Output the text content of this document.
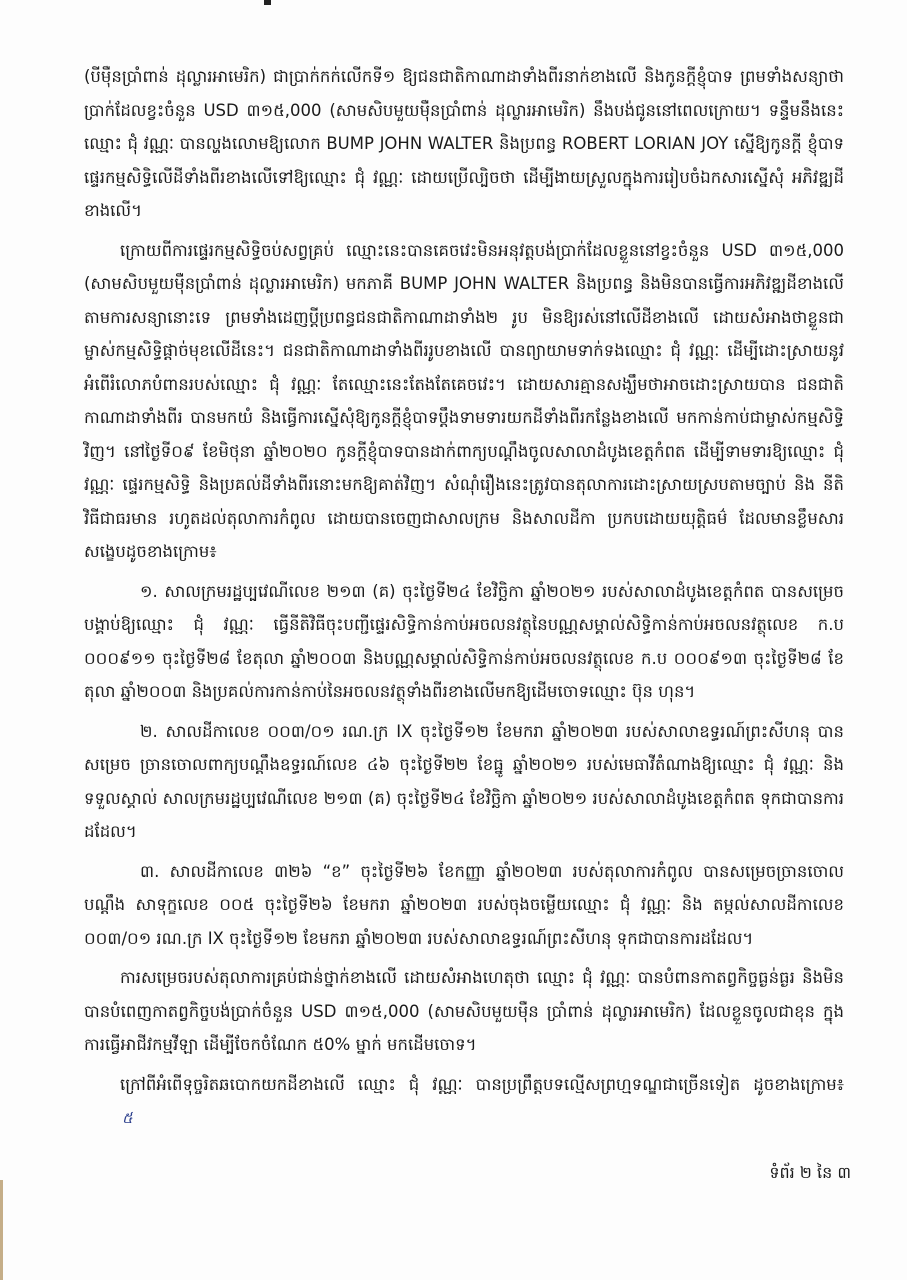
(បីម៉ឺនប្រាំពាន់ ដុល្លារអាមេរិក) ជាប្រាក់កក់លើកទី១ ឱ្យជនជាតិកាណាដាទាំងពីរនាក់ខាងលើ និងកូនក្ដីខ្ញុំបាទ ព្រមទាំងសន្យាថា ប្រាក់ដែលខ្វះចំនួន USD ៣១៥,000 (សាមសិបមួយម៉ឺនប្រាំពាន់ ដុល្លារអាមេរិក) នឹងបង់ជូននៅពេលក្រោយ។ ទន្ទឹមនឹងនេះ ឈ្មោះ ជុំ វណ្ណៈ បានល្ហងលោមឱ្យលោក BUMP JOHN WALTER និងប្រពន្ធ ROBERT LORIAN JOY ស្នើឱ្យកូនក្ដី ខ្ញុំបាទ ផ្ទេរកម្មសិទ្ធិលើដីទាំងពីរខាងលើទៅឱ្យឈ្មោះ ជុំ វណ្ណៈ ដោយប្រើល្បិចថា ដើម្បីងាយស្រួលក្នុងការរៀបចំឯកសារស្នើសុំ អភិវឌ្ឍដីខាងលើ។

ក្រោយពីការផ្ទេរកម្មសិទ្ធិចប់សព្វគ្រប់ ឈ្មោះនេះបានគេចវេះមិនអនុវត្តបង់ប្រាក់ដែលខ្លួននៅខ្វះចំនួន USD ៣១៥,000 (សាមសិបមួយម៉ឺនប្រាំពាន់ ដុល្លារអាមេរិក) មកភាគី BUMP JOHN WALTER និងប្រពន្ធ និងមិនបានធ្វើការអភិវឌ្ឍដីខាងលើ តាមការសន្យានោះទេ ព្រមទាំងដេញប្ដីប្រពន្ធជនជាតិកាណាដាទាំង២ រូប មិនឱ្យរស់នៅលើដីខាងលើ ដោយសំអាងថាខ្លួនជា ម្ចាស់កម្មសិទ្ធិផ្ដាច់មុខលើដីនេះ។ ជនជាតិកាណាដាទាំងពីររូបខាងលើ បានព្យាយាមទាក់ទងឈ្មោះ ជុំ វណ្ណៈ ដើម្បីដោះស្រាយនូវ អំពើរំលោភបំពានរបស់ឈ្មោះ ជុំ វណ្ណៈ តែឈ្មោះនេះតែងតែគេចវេះ។ ដោយសារគ្មានសង្ឃឹមថាអាចដោះស្រាយបាន ជនជាតិ កាណាដាទាំងពីរ បានមកយំ និងធ្វើការស្នើសុំឱ្យកូនក្ដីខ្ញុំបាទប្ដឹងទាមទារយកដីទាំងពីរកន្លែងខាងលើ មកកាន់កាប់ជាម្ចាស់កម្មសិទ្ធិ វិញ។ នៅថ្ងៃទី០៩ ខែមិថុនា ឆ្នាំ២០២០ កូនក្ដីខ្ញុំបាទបានដាក់ពាក្យបណ្ដឹងចូលសាលាដំបូងខេត្តកំពត ដើម្បីទាមទារឱ្យឈ្មោះ ជុំ វណ្ណៈ ផ្ទេរកម្មសិទ្ធិ និងប្រគល់ដីទាំងពីរនោះមកឱ្យគាត់វិញ។ សំណុំរឿងនេះត្រូវបានតុលាការដោះស្រាយស្របតាមច្បាប់ និង នីតិវិធីជាធរមាន រហូតដល់តុលាការកំពូល ដោយបានចេញជាសាលក្រម និងសាលដីកា ប្រកបដោយយុត្តិធម៌ ដែលមានខ្លឹមសារ សង្ខេបដូចខាងក្រោម៖

១. សាលក្រមរដ្ឋប្បវេណីលេខ ២១៣ (គ) ចុះថ្ងៃទី២៤ ខែវិច្ឆិកា ឆ្នាំ២០២១ របស់សាលាដំបូងខេត្តកំពត បានសម្រេច បង្គាប់ឱ្យឈ្មោះ ជុំ វណ្ណៈ ធ្វើនីតិវិធីចុះបញ្ជីផ្ទេរសិទ្ធិកាន់កាប់អចលនវត្ថុនៃបណ្ណសម្គាល់សិទ្ធិកាន់កាប់អចលនវត្ថុលេខ ក.ប ០០០៩១១ ចុះថ្ងៃទី២៨ ខែតុលា ឆ្នាំ២០០៣ និងបណ្ណសម្គាល់សិទ្ធិកាន់កាប់អចលនវត្ថុលេខ ក.ប ០០០៩១៣ ចុះថ្ងៃទី២៨ ខែតុលា ឆ្នាំ២០០៣ និងប្រគល់ការកាន់កាប់នៃអចលនវត្ថុទាំងពីរខាងលើមកឱ្យដើមចោទឈ្មោះ ប៊ុន ហុន។

២. សាលដីកាលេខ ០០៣/០១ រណ.ក្រ IX ចុះថ្ងៃទី១២ ខែមករា ឆ្នាំ២០២៣ របស់សាលាឧទ្ធរណ៍ព្រះសីហនុ បានសម្រេច ច្រានចោលពាក្យបណ្ដឹងឧទ្ធរណ៍លេខ ៤៦ ចុះថ្ងៃទី២២ ខែធ្នូ ឆ្នាំ២០២១ របស់មេធាវីតំណាងឱ្យឈ្មោះ ជុំ វណ្ណៈ និងទទួលស្គាល់ សាលក្រមរដ្ឋប្បវេណីលេខ ២១៣ (គ) ចុះថ្ងៃទី២៤ ខែវិច្ឆិកា ឆ្នាំ២០២១ របស់សាលាដំបូងខេត្តកំពត ទុកជាបានការដដែល។

៣. សាលដីកាលេខ ៣២៦ “ខ” ចុះថ្ងៃទី២៦ ខែកញ្ញា ឆ្នាំ២០២៣ របស់តុលាការកំពូល បានសម្រេចច្រានចោលបណ្ដឹង សាទុក្ខលេខ ០០៥ ចុះថ្ងៃទី២៦ ខែមករា ឆ្នាំ២០២៣ របស់ចុងចម្លើយឈ្មោះ ជុំ វណ្ណៈ និង តម្កល់សាលដីកាលេខ ០០៣/០១ រណ.ក្រ IX ចុះថ្ងៃទី១២ ខែមករា ឆ្នាំ២០២៣ របស់សាលាឧទ្ធរណ៍ព្រះសីហនុ ទុកជាបានការដដែល។

ការសម្រេចរបស់តុលាការគ្រប់ជាន់ថ្នាក់ខាងលើ ដោយសំអាងហេតុថា ឈ្មោះ ជុំ វណ្ណៈ បានបំពានកាតព្វកិច្ចធ្ងន់ធ្ងរ និងមិនបានបំពេញកាតព្វកិច្ចបង់ប្រាក់ចំនួន USD ៣១៥,000 (សាមសិបមួយម៉ឺន ប្រាំពាន់ ដុល្លារអាមេរិក) ដែលខ្លួនចូលជាខុន ក្នុងការធ្វើអាជីវកម្មវីឡា ដើម្បីចែកចំណែក ៥0% ម្នាក់ មកដើមចោទ។

ក្រៅពីអំពើទុច្ចរិតឆបោកយកដីខាងលើ ឈ្មោះ ជុំ វណ្ណៈ បានប្រព្រឹត្តបទល្មើសព្រហ្មទណ្ឌជាច្រើនទៀត ដូចខាងក្រោម៖៥

ទំព័រ ២ នៃ ៣
